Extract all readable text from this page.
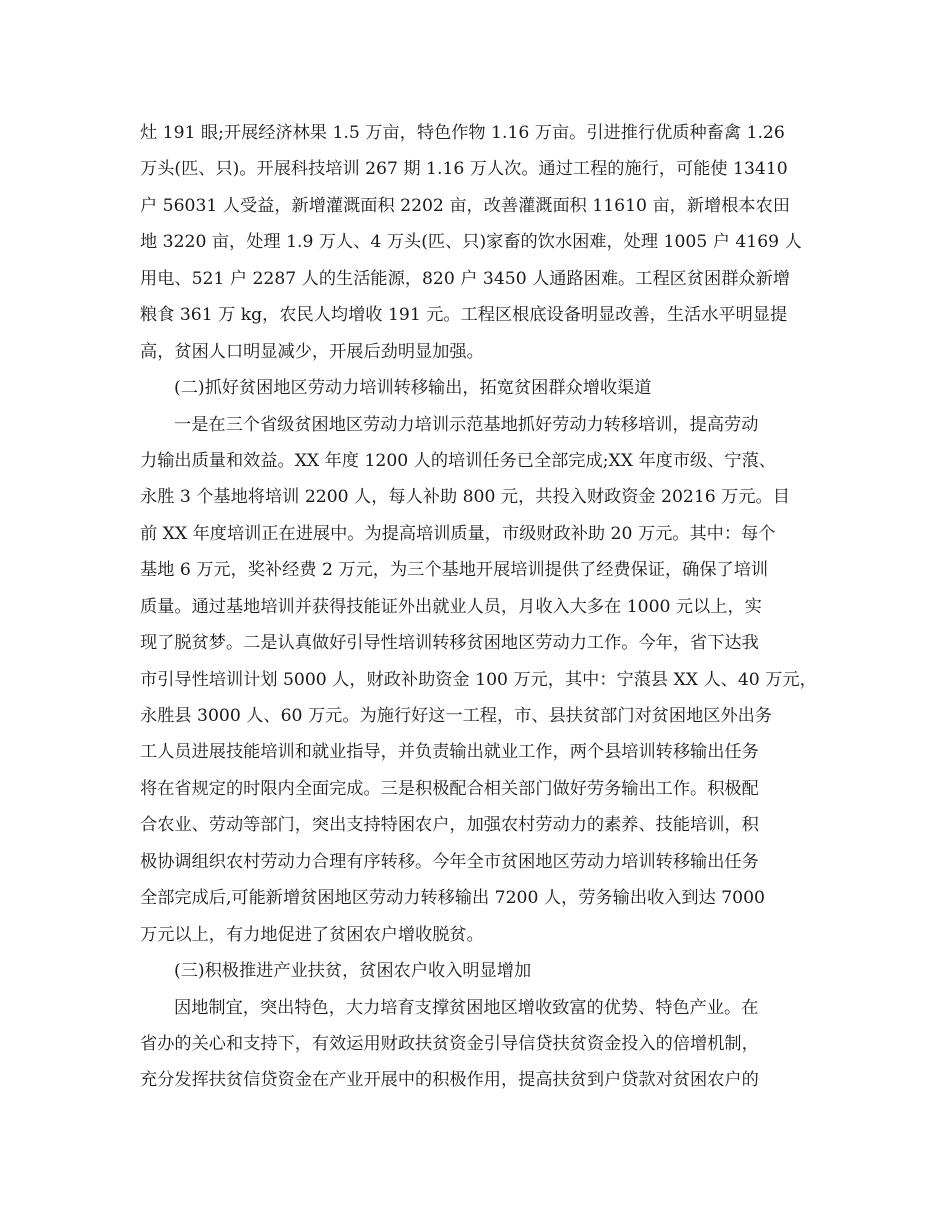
灶 191 眼;开展经济林果 1.5 万亩，特色作物 1.16 万亩。引进推行优质种畜禽 1.26
万头(匹、只)。开展科技培训 267 期 1.16 万人次。通过工程的施行，可能使 13410
户 56031 人受益，新增灌溉面积 2202 亩，改善灌溉面积 11610 亩，新增根本农田
地 3220 亩，处理 1.9 万人、4 万头(匹、只)家畜的饮水困难，处理 1005 户 4169 人
用电、521 户 2287 人的生活能源，820 户 3450 人通路困难。工程区贫困群众新增
粮食 361 万 kg，农民人均增收 191 元。工程区根底设备明显改善，生活水平明显提
高，贫困人口明显减少，开展后劲明显加强。
(二)抓好贫困地区劳动力培训转移输出，拓宽贫困群众增收渠道
一是在三个省级贫困地区劳动力培训示范基地抓好劳动力转移培训，提高劳动
力输出质量和效益。XX 年度 1200 人的培训任务已全部完成;XX 年度市级、宁蒗、
永胜 3 个基地将培训 2200 人，每人补助 800 元，共投入财政资金 20216 万元。目
前 XX 年度培训正在进展中。为提高培训质量，市级财政补助 20 万元。其中：每个
基地 6 万元，奖补经费 2 万元，为三个基地开展培训提供了经费保证，确保了培训
质量。通过基地培训并获得技能证外出就业人员，月收入大多在 1000 元以上，实
现了脱贫梦。二是认真做好引导性培训转移贫困地区劳动力工作。今年，省下达我
市引导性培训计划 5000 人，财政补助资金 100 万元，其中：宁蒗县 XX 人、40 万元，
永胜县 3000 人、60 万元。为施行好这一工程，市、县扶贫部门对贫困地区外出务
工人员进展技能培训和就业指导，并负责输出就业工作，两个县培训转移输出任务
将在省规定的时限内全面完成。三是积极配合相关部门做好劳务输出工作。积极配
合农业、劳动等部门，突出支持特困农户，加强农村劳动力的素养、技能培训，积
极协调组织农村劳动力合理有序转移。今年全市贫困地区劳动力培训转移输出任务
全部完成后,可能新增贫困地区劳动力转移输出 7200 人，劳务输出收入到达 7000
万元以上，有力地促进了贫困农户增收脱贫。
(三)积极推进产业扶贫，贫困农户收入明显增加
因地制宜，突出特色，大力培育支撑贫困地区增收致富的优势、特色产业。在
省办的关心和支持下，有效运用财政扶贫资金引导信贷扶贫资金投入的倍增机制，
充分发挥扶贫信贷资金在产业开展中的积极作用，提高扶贫到户贷款对贫困农户的
